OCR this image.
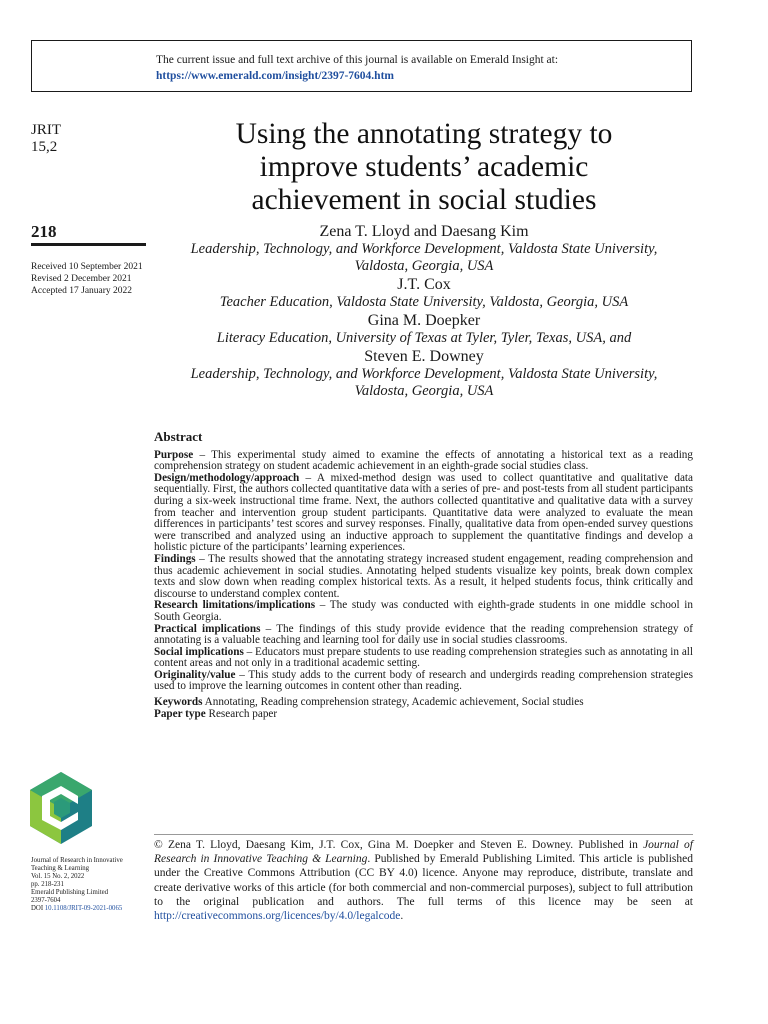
The current issue and full text archive of this journal is available on Emerald Insight at:
https://www.emerald.com/insight/2397-7604.htm
JRIT
15,2
218
Received 10 September 2021
Revised 2 December 2021
Accepted 17 January 2022
Using the annotating strategy to
improve students’ academic
achievement in social studies
Zena T. Lloyd and Daesang Kim
Leadership, Technology, and Workforce Development, Valdosta State University,
Valdosta, Georgia, USA
J.T. Cox
Teacher Education, Valdosta State University, Valdosta, Georgia, USA
Gina M. Doepker
Literacy Education, University of Texas at Tyler, Tyler, Texas, USA, and
Steven E. Downey
Leadership, Technology, and Workforce Development, Valdosta State University,
Valdosta, Georgia, USA
Abstract

Purpose – This experimental study aimed to examine the effects of annotating a historical text as a reading comprehension strategy on student academic achievement in an eighth-grade social studies class.

Design/methodology/approach – A mixed-method design was used to collect quantitative and qualitative data sequentially. First, the authors collected quantitative data with a series of pre- and post-tests from all student participants during a six-week instructional time frame. Next, the authors collected quantitative and qualitative data with a survey from teacher and intervention group student participants. Quantitative data were analyzed to evaluate the mean differences in participants’ test scores and survey responses. Finally, qualitative data from open-ended survey questions were transcribed and analyzed using an inductive approach to supplement the quantitative findings and develop a holistic picture of the participants’ learning experiences.

Findings – The results showed that the annotating strategy increased student engagement, reading comprehension and thus academic achievement in social studies. Annotating helped students visualize key points, break down complex texts and slow down when reading complex historical texts. As a result, it helped students focus, think critically and discourse to understand complex content.

Research limitations/implications – The study was conducted with eighth-grade students in one middle school in South Georgia.

Practical implications – The findings of this study provide evidence that the reading comprehension strategy of annotating is a valuable teaching and learning tool for daily use in social studies classrooms.

Social implications – Educators must prepare students to use reading comprehension strategies such as annotating in all content areas and not only in a traditional academic setting.

Originality/value – This study adds to the current body of research and undergirds reading comprehension strategies used to improve the learning outcomes in content other than reading.

Keywords Annotating, Reading comprehension strategy, Academic achievement, Social studies

Paper type Research paper

Journal of Research in Innovative
Teaching & Learning
Vol. 15 No. 2, 2022
pp. 218-231
Emerald Publishing Limited
2397-7604
DOI 10.1108/JRIT-09-2021-0065
© Zena T. Lloyd, Daesang Kim, J.T. Cox, Gina M. Doepker and Steven E. Downey. Published in Journal of Research in Innovative Teaching & Learning. Published by Emerald Publishing Limited. This article is published under the Creative Commons Attribution (CC BY 4.0) licence. Anyone may reproduce, distribute, translate and create derivative works of this article (for both commercial and non-commercial purposes), subject to full attribution to the original publication and authors. The full terms of this licence may be seen at http://creativecommons.org/licences/by/4.0/legalcode.
